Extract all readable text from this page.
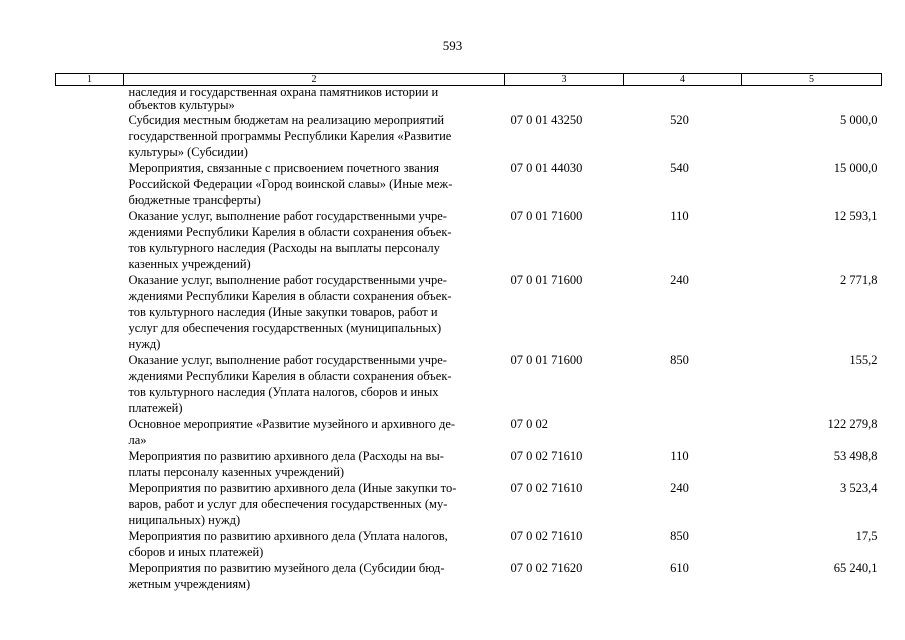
593
1	2	3	4	5

	наследия и государственная охрана памятников истории и
объектов культуры»			

	Субсидия местным бюджетам на реализацию мероприятий
государственной программы Республики Карелия «Развитие
культуры» (Субсидии)	07 0 01 43250	520	5 000,0

	Мероприятия, связанные с присвоением почетного звания
Российской Федерации «Город воинской славы» (Иные меж-
бюджетные трансферты)	07 0 01 44030	540	15 000,0

	Оказание услуг, выполнение работ государственными учре-
ждениями Республики Карелия в области сохранения объек-
тов культурного наследия (Расходы на выплаты персоналу
казенных учреждений)	07 0 01 71600	110	12 593,1

	Оказание услуг, выполнение работ государственными учре-
ждениями Республики Карелия в области сохранения объек-
тов культурного наследия (Иные закупки товаров, работ и
услуг для обеспечения государственных (муниципальных)
нужд)	07 0 01 71600	240	2 771,8

	Оказание услуг, выполнение работ государственными учре-
ждениями Республики Карелия в области сохранения объек-
тов культурного наследия (Уплата налогов, сборов и иных
платежей)	07 0 01 71600	850	155,2

	Основное мероприятие «Развитие музейного и архивного де-
ла»	07 0 02		122 279,8

	Мероприятия по развитию архивного дела (Расходы на вы-
платы персоналу казенных учреждений)	07 0 02 71610	110	53 498,8

	Мероприятия по развитию архивного дела (Иные закупки то-
варов, работ и услуг для обеспечения государственных (му-
ниципальных) нужд)	07 0 02 71610	240	3 523,4

	Мероприятия по развитию архивного дела (Уплата налогов,
сборов и иных платежей)	07 0 02 71610	850	17,5

	Мероприятия по развитию музейного дела (Субсидии бюд-
жетным учреждениям)	07 0 02 71620	610	65 240,1
